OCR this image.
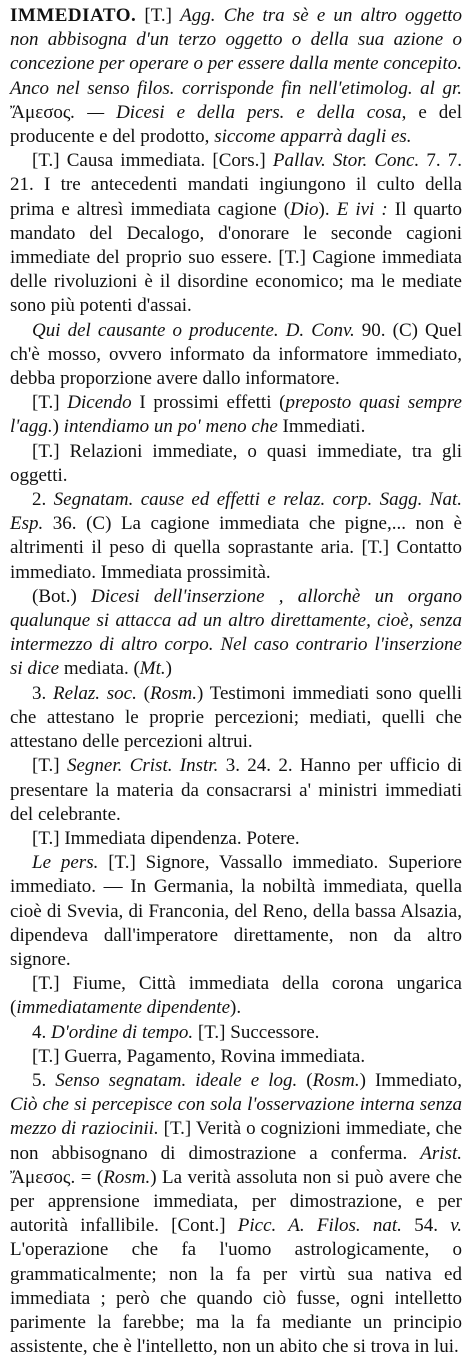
IMMEDIATO. [T.] Agg. Che tra sè e un altro oggetto non abbisogna d'un terzo oggetto o della sua azione o concezione per operare o per essere dalla mente concepito. Anco nel senso filos. corrisponde fin nell'etimolog. al gr. Ἄμεσος. — Dicesi e della pers. e della cosa, e del producente e del prodotto, siccome apparrà dagli es.

[T.] Causa immediata. [Cors.] Pallav. Stor. Conc. 7. 7. 21. I tre antecedenti mandati ingiungono il culto della prima e altresì immediata cagione (Dio). E ivi : Il quarto mandato del Decalogo, d'onorare le seconde cagioni immediate del proprio suo essere. [T.] Cagione immediata delle rivoluzioni è il disordine economico; ma le mediate sono più potenti d'assai.

Qui del causante o producente. D. Conv. 90. (C) Quel ch'è mosso, ovvero informato da informatore immediato, debba proporzione avere dallo informatore.

[T.] Dicendo I prossimi effetti (preposto quasi sempre l'agg.) intendiamo un po' meno che Immediati.

[T.] Relazioni immediate, o quasi immediate, tra gli oggetti.

2. Segnatam. cause ed effetti e relaz. corp. Sagg. Nat. Esp. 36. (C) La cagione immediata che pigne,... non è altrimenti il peso di quella soprastante aria. [T.] Contatto immediato. Immediata prossimità.

(Bot.) Dicesi dell'inserzione , allorchè un organo qualunque si attacca ad un altro direttamente, cioè, senza intermezzo di altro corpo. Nel caso contrario l'inserzione si dice mediata. (Mt.)

3. Relaz. soc. (Rosm.) Testimoni immediati sono quelli che attestano le proprie percezioni; mediati, quelli che attestano delle percezioni altrui.

[T.] Segner. Crist. Instr. 3. 24. 2. Hanno per ufficio di presentare la materia da consacrarsi a' ministri immediati del celebrante.

[T.] Immediata dipendenza. Potere.

Le pers. [T.] Signore, Vassallo immediato. Superiore immediato. — In Germania, la nobiltà immediata, quella cioè di Svevia, di Franconia, del Reno, della bassa Alsazia, dipendeva dall'imperatore direttamente, non da altro signore.

[T.] Fiume, Città immediata della corona ungarica (immediatamente dipendente).

4. D'ordine di tempo. [T.] Successore.

[T.] Guerra, Pagamento, Rovina immediata.

5. Senso segnatam. ideale e log. (Rosm.) Immediato, Ciò che si percepisce con sola l'osservazione interna senza mezzo di raziocinii. [T.] Verità o cognizioni immediate, che non abbisognano di dimostrazione a conferma. Arist. Ἄμεσος. = (Rosm.) La verità assoluta non si può avere che per apprensione immediata, per dimostrazione, e per autorità infallibile. [Cont.] Picc. A. Filos. nat. 54. v. L'operazione che fa l'uomo astrologicamente, o grammaticalmente; non la fa per virtù sua nativa ed immediata ; però che quando ciò fusse, ogni intelletto parimente la farebbe; ma la fa mediante un principio assistente, che è l'intelletto, non un abito che si trova in lui.
